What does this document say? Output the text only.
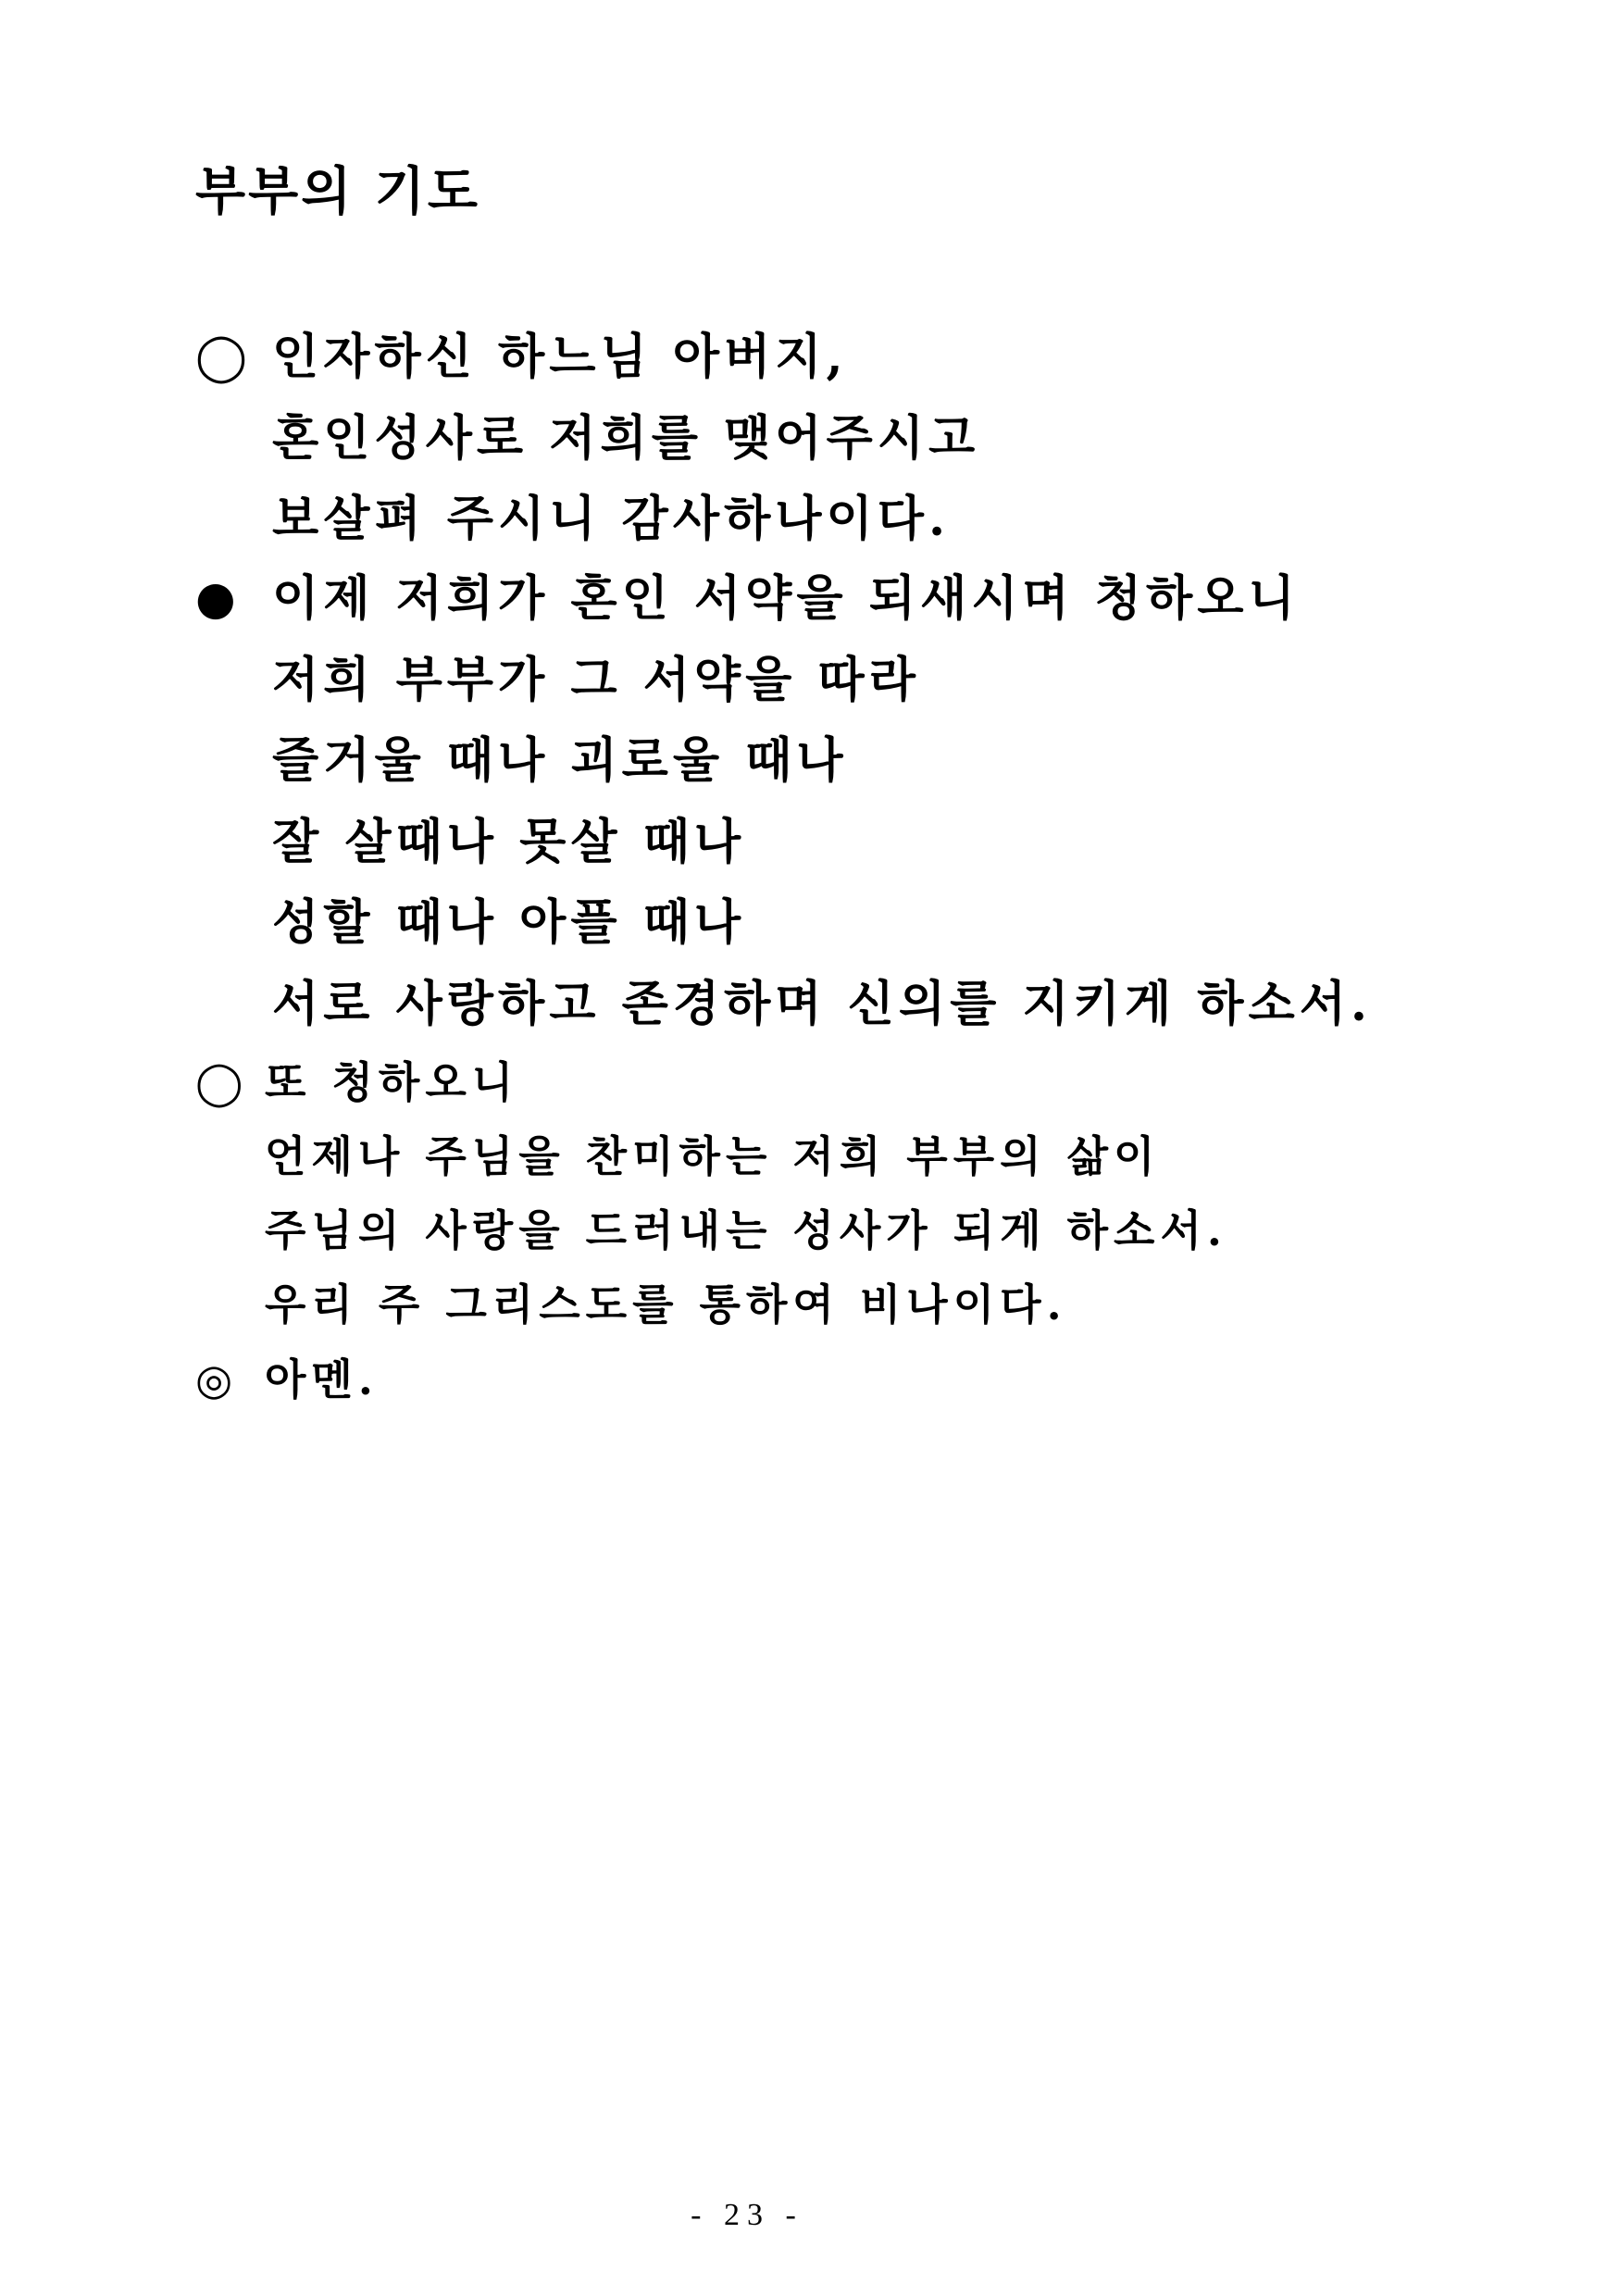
부부의 기도
◯ 인자하신 하느님 아버지,
혼인성사로 저희를 맺어주시고
보살펴 주시니 감사하나이다.
● 이제 저희가 혼인 서약을 되새시며 청하오니
저희 부부가 그 서약을 따라
즐거울 때나 괴로울 때나
잘 살때나 못살 때나
성할 때나 아플 때나
서로 사랑하고 존경하며 신의를 지키게 하소서.
◯ 또 청하오니
언제나 주님을 찬미하는 저희 부부의 삶이
주님의 사랑을 드러내는 성사가 되게 하소서.
우리 주 그리스도를 통하여 비나이다.
◎ 아멘.
- 23 -
